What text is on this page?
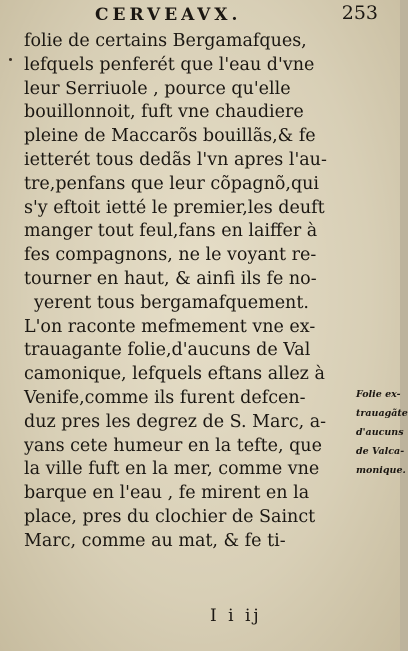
CERVEAVX.	253
folie de certains Bergamafques,
lefquels penferét que l'eau d'vne
leur Serriuole , pource qu'elle
bouillonnoit, fuft vne chaudiere
pleine de Maccarõs bouillãs,& fe
ietterét tous dedãs l'vn apres l'au-
tre,penfans que leur cõpagnõ,qui
s'y eftoit ietté le premier,les deuft
manger tout feul,fans en laiffer à
fes compagnons, ne le voyant re-
tourner en haut, & ainfi ils fe no-
yerent tous bergamafquement.
L'on raconte mefmement vne ex-
trauagante folie,d'aucuns de Val
camonique, lefquels eftans allez à
Venife,comme ils furent defcen-
duz pres les degrez de S. Marc, a-
yans cete humeur en la tefte, que
la ville fuft en la mer, comme vne
barque en l'eau , fe mirent en la
place, pres du clochier de Sainct
Marc, comme au mat, & fe ti-
Folie ex-
trauagãte
d'aucuns
de Valca-
monique.
I i ij
